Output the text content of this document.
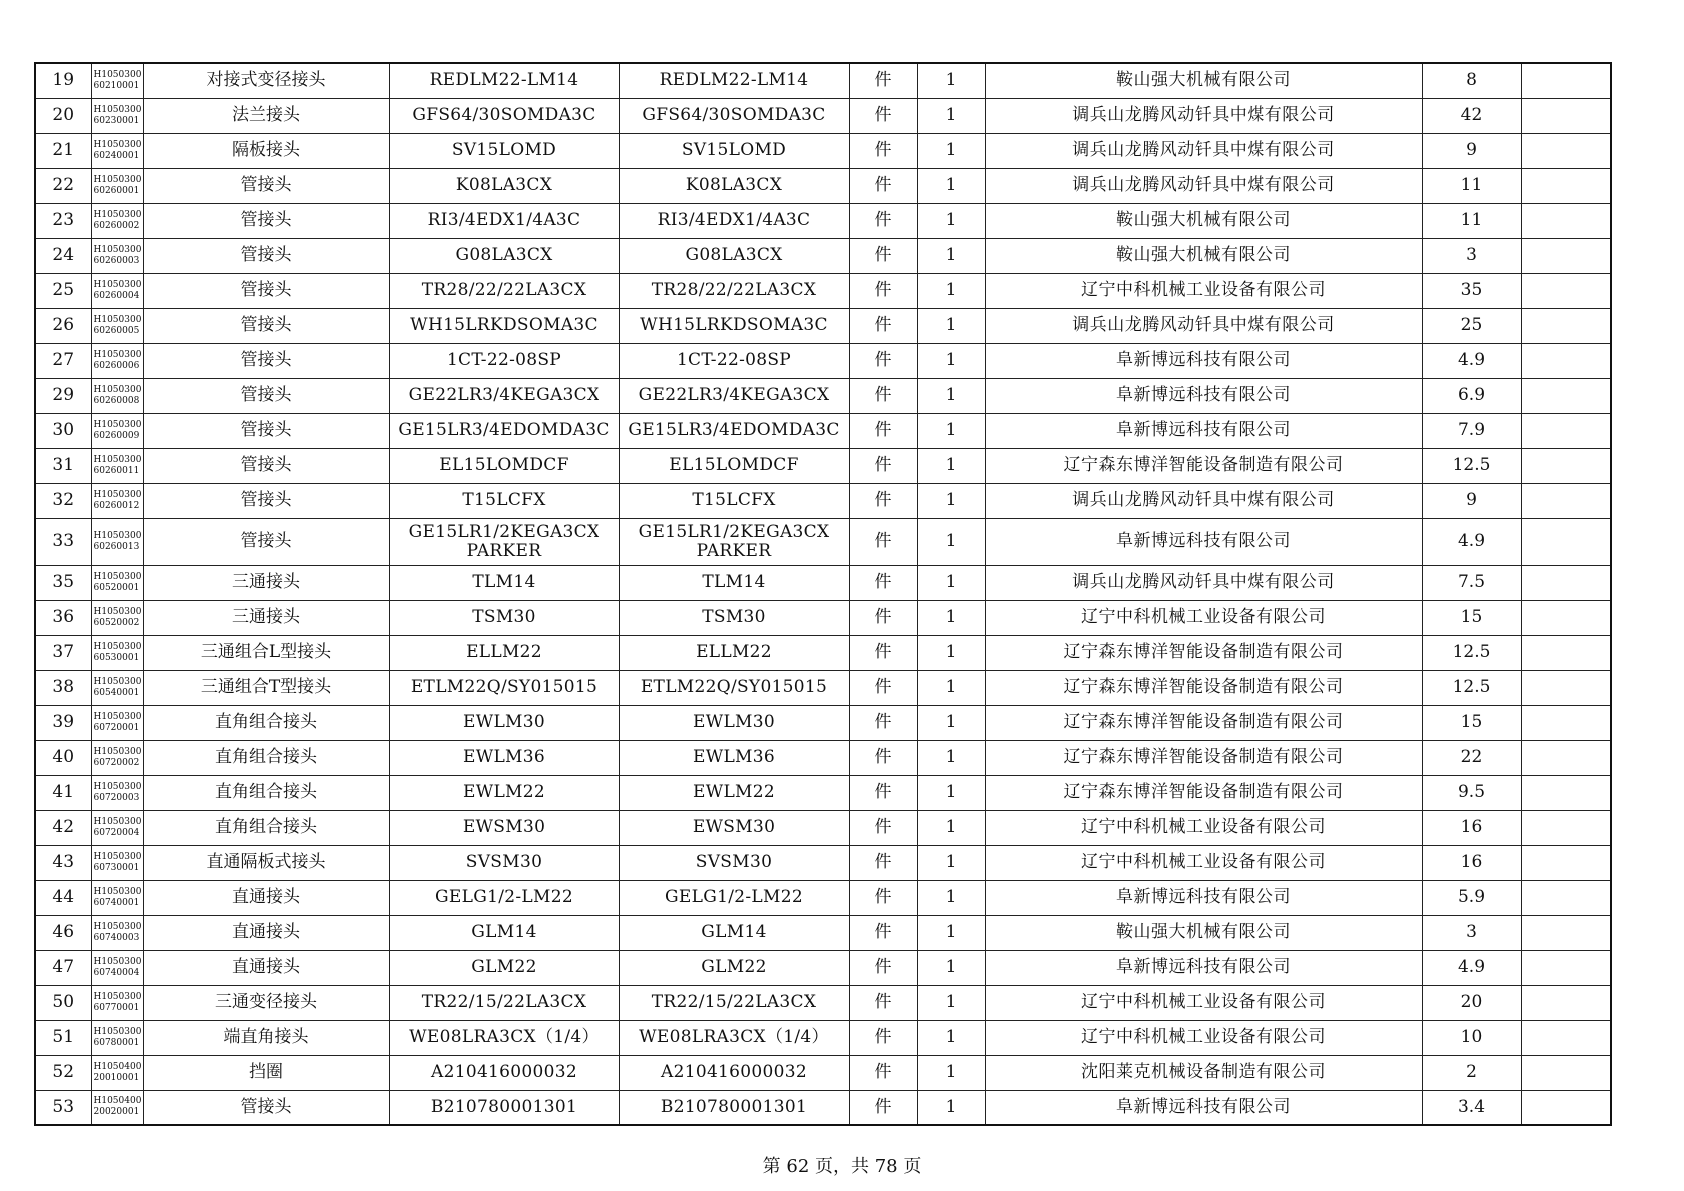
19	H1050300 60210001	对接式变径接头	REDLM22-LM14	REDLM22-LM14	件	1	鞍山强大机械有限公司	8	
20	H1050300 60230001	法兰接头	GFS64/30SOMDA3C	GFS64/30SOMDA3C	件	1	调兵山龙腾风动钎具中煤有限公司	42	
21	H1050300 60240001	隔板接头	SV15LOMD	SV15LOMD	件	1	调兵山龙腾风动钎具中煤有限公司	9	
22	H1050300 60260001	管接头	K08LA3CX	K08LA3CX	件	1	调兵山龙腾风动钎具中煤有限公司	11	
23	H1050300 60260002	管接头	RI3/4EDX1/4A3C	RI3/4EDX1/4A3C	件	1	鞍山强大机械有限公司	11	
24	H1050300 60260003	管接头	G08LA3CX	G08LA3CX	件	1	鞍山强大机械有限公司	3	
25	H1050300 60260004	管接头	TR28/22/22LA3CX	TR28/22/22LA3CX	件	1	辽宁中科机械工业设备有限公司	35	
26	H1050300 60260005	管接头	WH15LRKDSOMA3C	WH15LRKDSOMA3C	件	1	调兵山龙腾风动钎具中煤有限公司	25	
27	H1050300 60260006	管接头	1CT-22-08SP	1CT-22-08SP	件	1	阜新博远科技有限公司	4.9	
29	H1050300 60260008	管接头	GE22LR3/4KEGA3CX	GE22LR3/4KEGA3CX	件	1	阜新博远科技有限公司	6.9	
30	H1050300 60260009	管接头	GE15LR3/4EDOMDA3C	GE15LR3/4EDOMDA3C	件	1	阜新博远科技有限公司	7.9	
31	H1050300 60260011	管接头	EL15LOMDCF	EL15LOMDCF	件	1	辽宁森东博洋智能设备制造有限公司	12.5	
32	H1050300 60260012	管接头	T15LCFX	T15LCFX	件	1	调兵山龙腾风动钎具中煤有限公司	9	
33	H1050300 60260013	管接头	GE15LR1/2KEGA3CX PARKER	GE15LR1/2KEGA3CX PARKER	件	1	阜新博远科技有限公司	4.9	
35	H1050300 60520001	三通接头	TLM14	TLM14	件	1	调兵山龙腾风动钎具中煤有限公司	7.5	
36	H1050300 60520002	三通接头	TSM30	TSM30	件	1	辽宁中科机械工业设备有限公司	15	
37	H1050300 60530001	三通组合L型接头	ELLM22	ELLM22	件	1	辽宁森东博洋智能设备制造有限公司	12.5	
38	H1050300 60540001	三通组合T型接头	ETLM22Q/SY015015	ETLM22Q/SY015015	件	1	辽宁森东博洋智能设备制造有限公司	12.5	
39	H1050300 60720001	直角组合接头	EWLM30	EWLM30	件	1	辽宁森东博洋智能设备制造有限公司	15	
40	H1050300 60720002	直角组合接头	EWLM36	EWLM36	件	1	辽宁森东博洋智能设备制造有限公司	22	
41	H1050300 60720003	直角组合接头	EWLM22	EWLM22	件	1	辽宁森东博洋智能设备制造有限公司	9.5	
42	H1050300 60720004	直角组合接头	EWSM30	EWSM30	件	1	辽宁中科机械工业设备有限公司	16	
43	H1050300 60730001	直通隔板式接头	SVSM30	SVSM30	件	1	辽宁中科机械工业设备有限公司	16	
44	H1050300 60740001	直通接头	GELG1/2-LM22	GELG1/2-LM22	件	1	阜新博远科技有限公司	5.9	
46	H1050300 60740003	直通接头	GLM14	GLM14	件	1	鞍山强大机械有限公司	3	
47	H1050300 60740004	直通接头	GLM22	GLM22	件	1	阜新博远科技有限公司	4.9	
50	H1050300 60770001	三通变径接头	TR22/15/22LA3CX	TR22/15/22LA3CX	件	1	辽宁中科机械工业设备有限公司	20	
51	H1050300 60780001	端直角接头	WE08LRA3CX（1/4）	WE08LRA3CX（1/4）	件	1	辽宁中科机械工业设备有限公司	10	
52	H1050400 20010001	挡圈	A210416000032	A210416000032	件	1	沈阳莱克机械设备制造有限公司	2	
53	H1050400 20020001	管接头	B210780001301	B210780001301	件	1	阜新博远科技有限公司	3.4	
第 62 页，共 78 页
